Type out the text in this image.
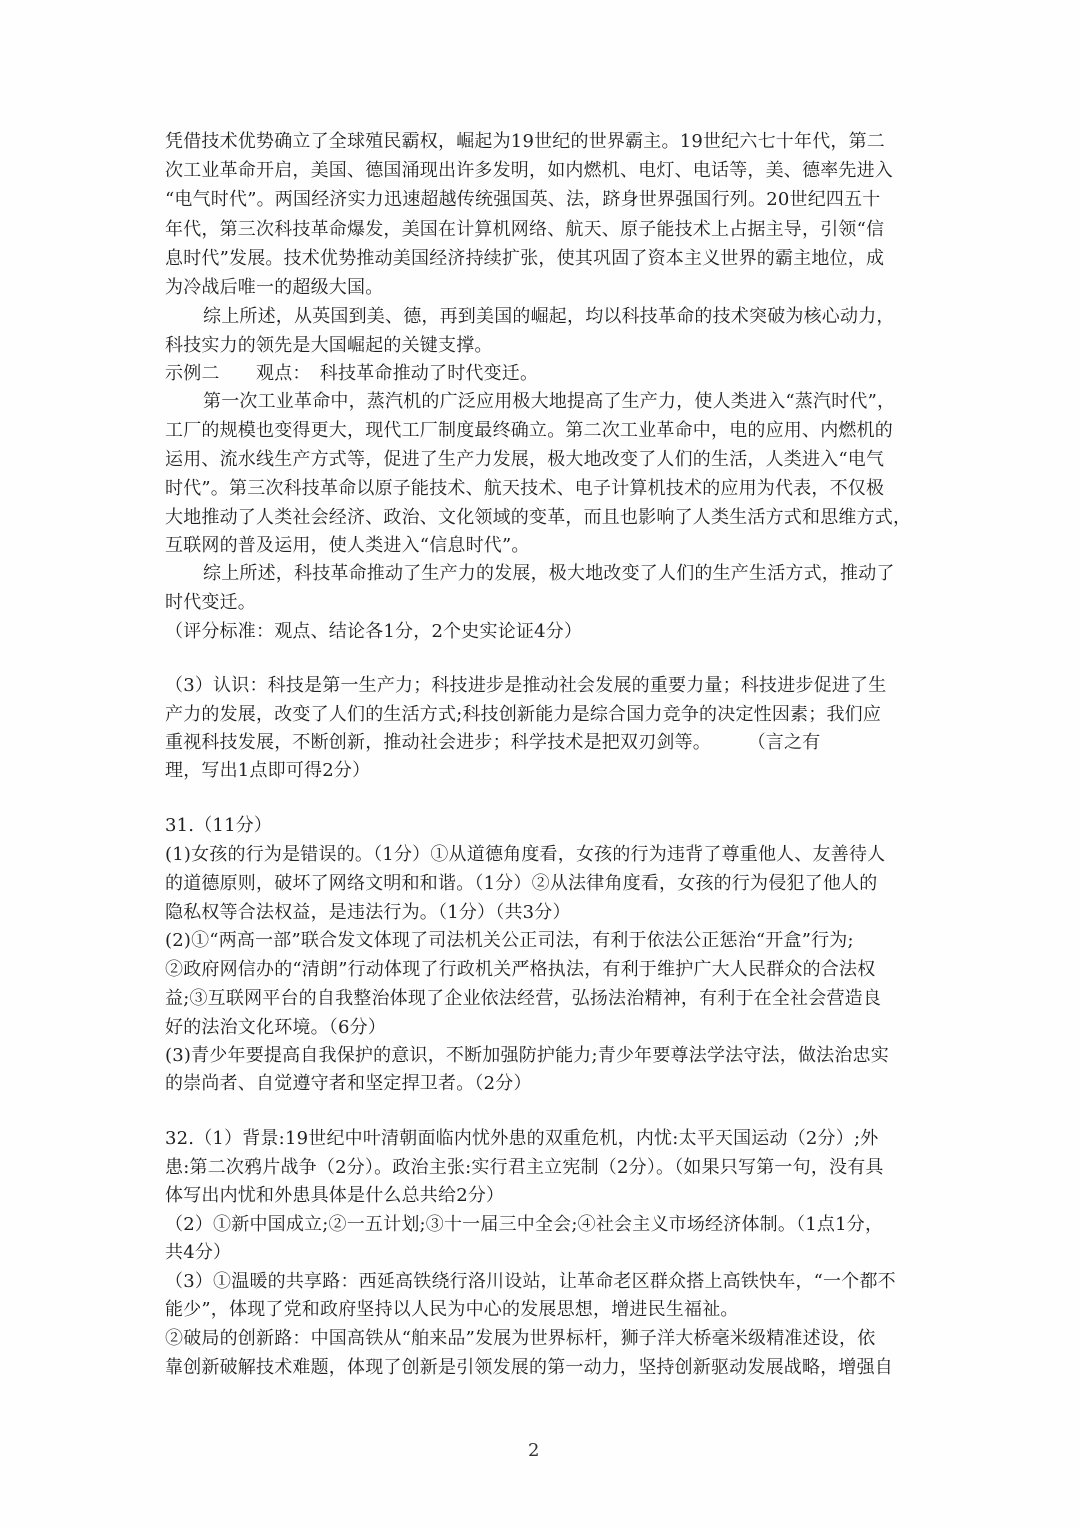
凭借技术优势确立了全球殖民霸权，崛起为19世纪的世界霸主。19世纪六七十年代，第二
次工业革命开启，美国、德国涌现出许多发明，如内燃机、电灯、电话等，美、德率先进入
“电气时代”。两国经济实力迅速超越传统强国英、法，跻身世界强国行列。20世纪四五十
年代，第三次科技革命爆发，美国在计算机网络、航天、原子能技术上占据主导，引领“信
息时代”发展。技术优势推动美国经济持续扩张，使其巩固了资本主义世界的霸主地位，成
为冷战后唯一的超级大国。
综上所述，从英国到美、德，再到美国的崛起，均以科技革命的技术突破为核心动力，
科技实力的领先是大国崛起的关键支撑。
示例二　　观点：　科技革命推动了时代变迁。
第一次工业革命中，蒸汽机的广泛应用极大地提高了生产力，使人类进入“蒸汽时代”，
工厂的规模也变得更大，现代工厂制度最终确立。第二次工业革命中，电的应用、内燃机的
运用、流水线生产方式等，促进了生产力发展，极大地改变了人们的生活，人类进入“电气
时代”。第三次科技革命以原子能技术、航天技术、电子计算机技术的应用为代表，不仅极
大地推动了人类社会经济、政治、文化领域的变革，而且也影响了人类生活方式和思维方式，
互联网的普及运用，使人类进入“信息时代”。
综上所述，科技革命推动了生产力的发展，极大地改变了人们的生产生活方式，推动了
时代变迁。
（评分标准：观点、结论各1分，2个史实论证4分）
（3）认识：科技是第一生产力；科技进步是推动社会发展的重要力量；科技进步促进了生
产力的发展，改变了人们的生活方式;科技创新能力是综合国力竞争的决定性因素；我们应
重视科技发展，不断创新，推动社会进步；科学技术是把双刃剑等。　　　（言之有
理，写出1点即可得2分）
31.（11分）
(1)女孩的行为是错误的。（1分）①从道德角度看，女孩的行为违背了尊重他人、友善待人
的道德原则，破坏了网络文明和和谐。（1分）②从法律角度看，女孩的行为侵犯了他人的
隐私权等合法权益，是违法行为。（1分）（共3分）
(2)①“两高一部”联合发文体现了司法机关公正司法，有利于依法公正惩治“开盒”行为;
②政府网信办的“清朗”行动体现了行政机关严格执法，有利于维护广大人民群众的合法权
益;③互联网平台的自我整治体现了企业依法经营，弘扬法治精神，有利于在全社会营造良
好的法治文化环境。（6分）
(3)青少年要提高自我保护的意识，不断加强防护能力;青少年要尊法学法守法，做法治忠实
的崇尚者、自觉遵守者和坚定捍卫者。（2分）
32.（1）背景:19世纪中叶清朝面临内忧外患的双重危机，内忧:太平天国运动（2分）;外
患:第二次鸦片战争（2分）。政治主张:实行君主立宪制（2分）。（如果只写第一句，没有具
体写出内忧和外患具体是什么总共给2分）
（2）①新中国成立;②一五计划;③十一届三中全会;④社会主义市场经济体制。（1点1分，
共4分）
（3）①温暖的共享路：西延高铁绕行洛川设站，让革命老区群众搭上高铁快车，“一个都不
能少”，体现了党和政府坚持以人民为中心的发展思想，增进民生福祉。
②破局的创新路：中国高铁从“舶来品”发展为世界标杆，狮子洋大桥毫米级精准述设，依
靠创新破解技术难题，体现了创新是引领发展的第一动力，坚持创新驱动发展战略，增强自
2
